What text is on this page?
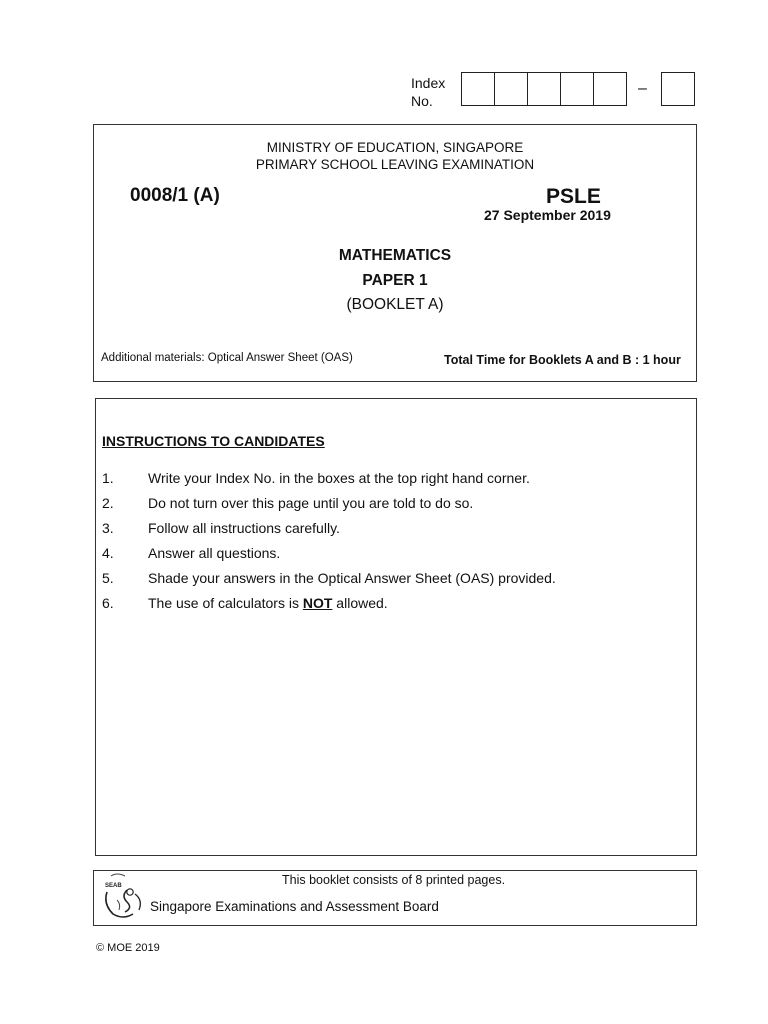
Index
No.
–
MINISTRY OF EDUCATION, SINGAPORE
PRIMARY SCHOOL LEAVING EXAMINATION
0008/1 (A)	PSLE
27 September 2019
MATHEMATICS
PAPER 1
(BOOKLET A)
Additional materials: Optical Answer Sheet (OAS)	Total Time for Booklets A and B : 1 hour
INSTRUCTIONS TO CANDIDATES
1.	Write your Index No. in the boxes at the top right hand corner.
2.	Do not turn over this page until you are told to do so.
3.	Follow all instructions carefully.
4.	Answer all questions.
5.	Shade your answers in the Optical Answer Sheet (OAS) provided.
6.	The use of calculators is NOT allowed.
This booklet consists of 8 printed pages.
SEAB
Singapore Examinations and Assessment Board
© MOE 2019
